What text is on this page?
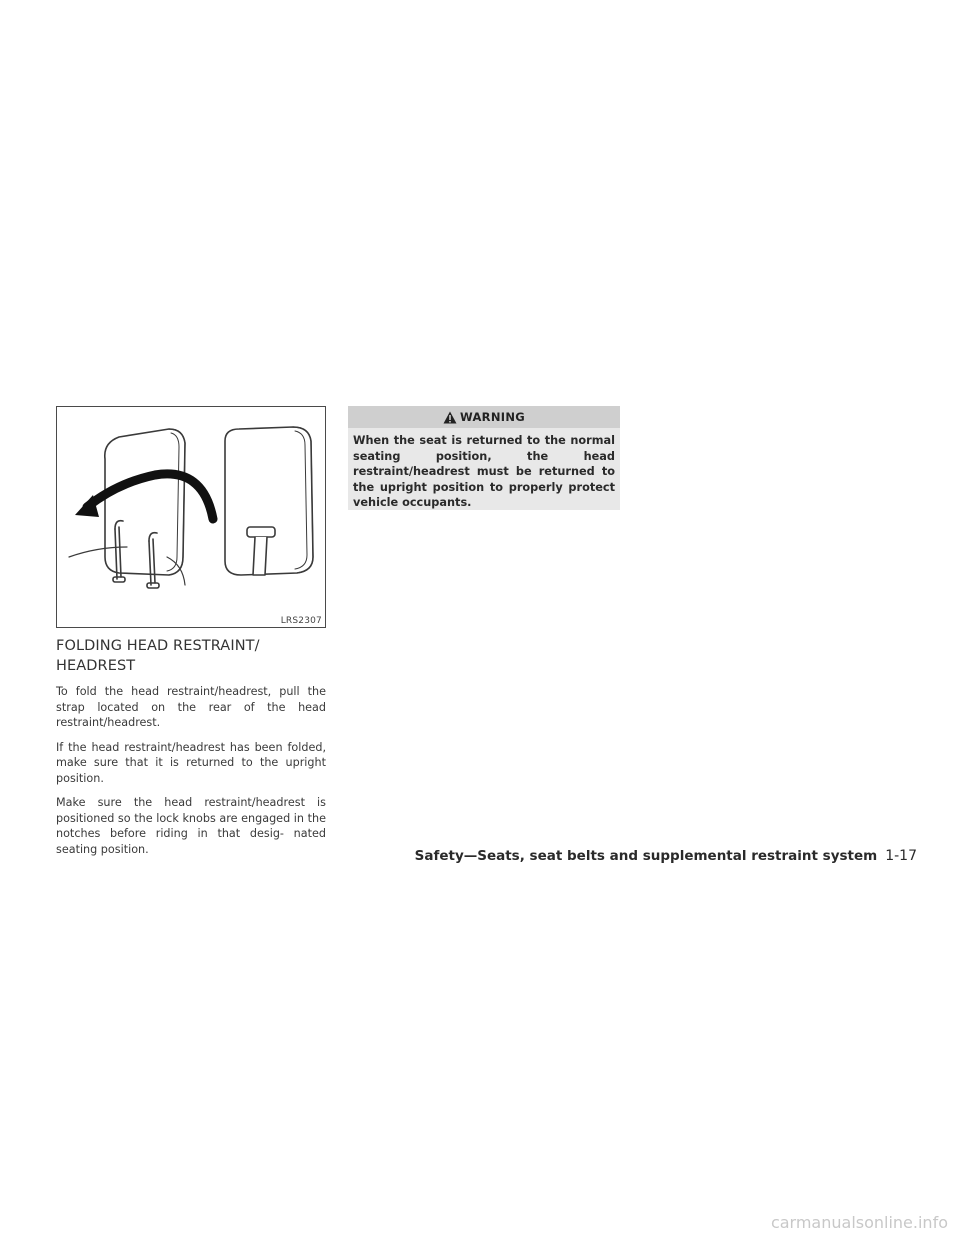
LRS2307
FOLDING HEAD RESTRAINT/
HEADREST

To fold the head restraint/headrest, pull the strap located on the rear of the head restraint/headrest.

If the head restraint/headrest has been folded, make sure that it is returned to the upright position.

Make sure the head restraint/headrest is positioned so the lock knobs are engaged in the notches before riding in that desig- nated seating position.

WARNING

When the seat is returned to the normal seating position, the head restraint/headrest must be returned to the upright position to properly protect vehicle occupants.

Safety—Seats, seat belts and supplemental restraint system 1-17
carmanualsonline.info
